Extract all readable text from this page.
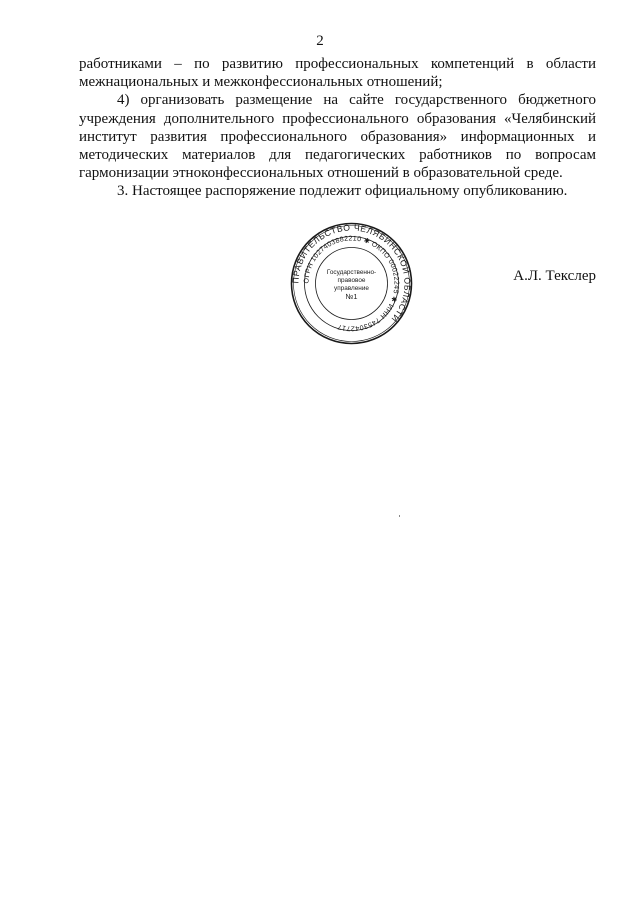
2

работниками – по развитию профессиональных компетенций в области межнациональных и межконфессиональных отношений;

4) организовать размещение на сайте государственного бюджетного учреждения дополнительного профессионального образования «Челябинский институт развития профессионального образования» информационных и методических материалов для педагогических работников по вопросам гармонизации этноконфессиональных отношений в образовательной среде.

3. Настоящее распоряжение подлежит официальному опубликованию.

ПРАВИТЕЛЬСТВО ЧЕЛЯБИНСКОЙ ОБЛАСТИ
ОГРН 1027403882210 ✱ ОКПО 00022245 ✱ ИНН 7453042717
Государственно-
правовое
управление
№1
А.Л. Текслер
